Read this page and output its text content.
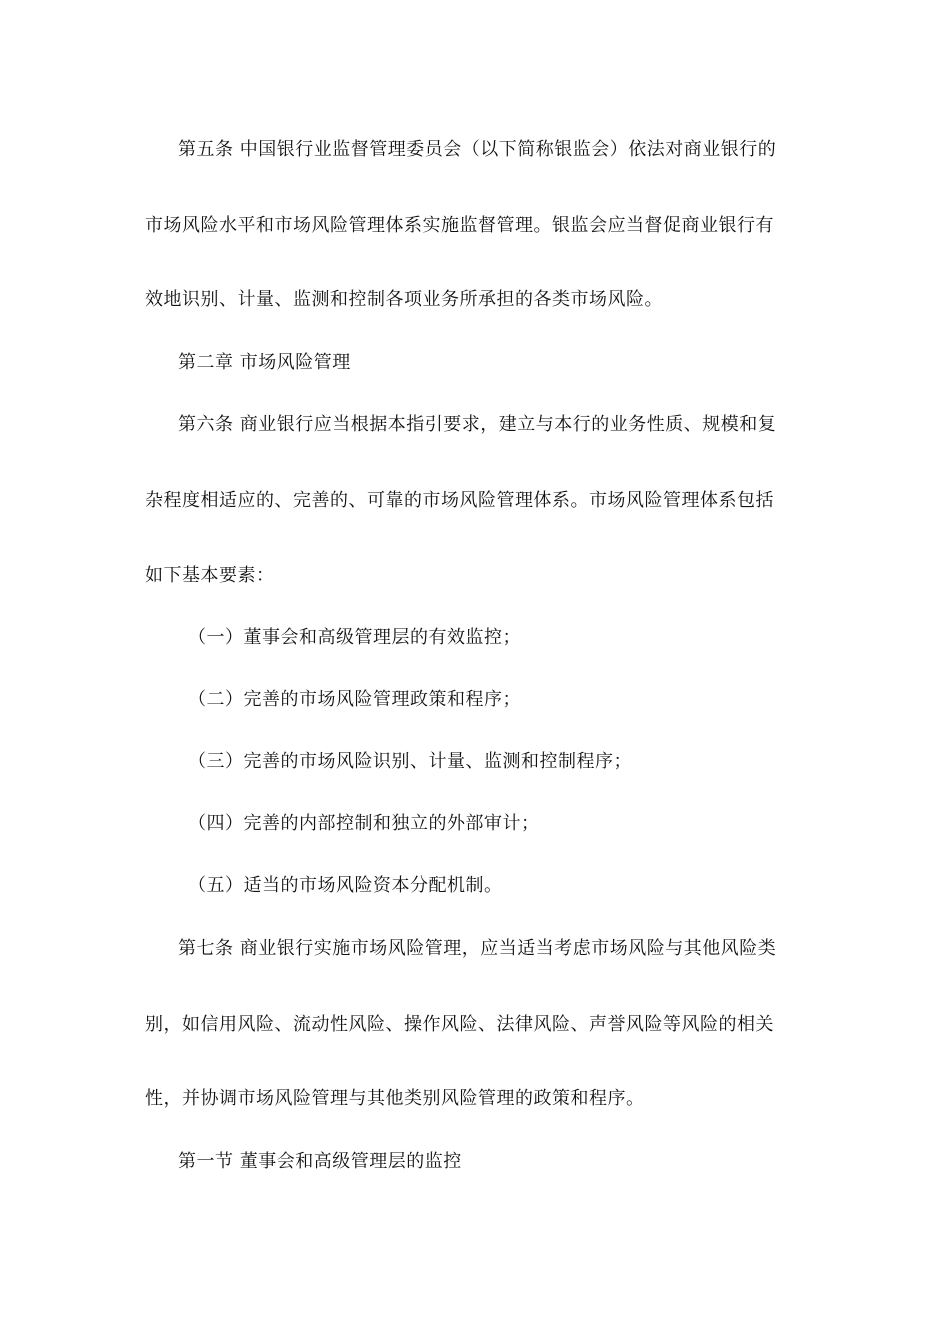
第五条 中国银行业监督管理委员会（以下简称银监会）依法对商业银行的
市场风险水平和市场风险管理体系实施监督管理。银监会应当督促商业银行有
效地识别、计量、监测和控制各项业务所承担的各类市场风险。
第二章 市场风险管理
第六条 商业银行应当根据本指引要求，建立与本行的业务性质、规模和复
杂程度相适应的、完善的、可靠的市场风险管理体系。市场风险管理体系包括
如下基本要素：
（一）董事会和高级管理层的有效监控；
（二）完善的市场风险管理政策和程序；
（三）完善的市场风险识别、计量、监测和控制程序；
（四）完善的内部控制和独立的外部审计；
（五）适当的市场风险资本分配机制。
第七条 商业银行实施市场风险管理，应当适当考虑市场风险与其他风险类
别，如信用风险、流动性风险、操作风险、法律风险、声誉风险等风险的相关
性，并协调市场风险管理与其他类别风险管理的政策和程序。
第一节 董事会和高级管理层的监控
